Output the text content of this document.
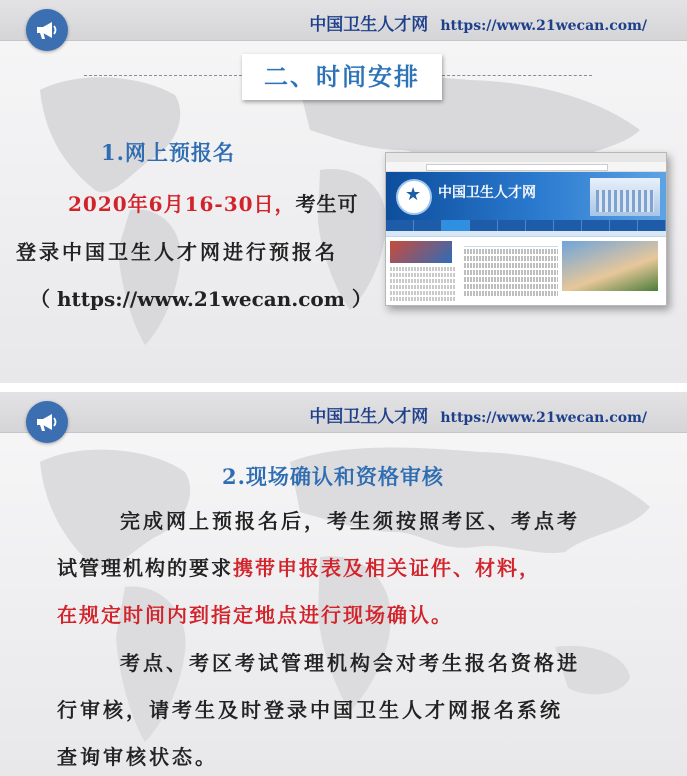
中国卫生人才网 https://www.21wecan.com/
二、时间安排
1.网上预报名
2020年6月16-30日，考生可
登录中国卫生人才网进行预报名
（ https://www.21wecan.com ）
★
中国卫生人才网

中国卫生人才网 https://www.21wecan.com/
2.现场确认和资格审核
完成网上预报名后，考生须按照考区、考点考
试管理机构的要求携带申报表及相关证件、材料，
在规定时间内到指定地点进行现场确认。
考点、考区考试管理机构会对考生报名资格进
行审核，请考生及时登录中国卫生人才网报名系统
查询审核状态。
